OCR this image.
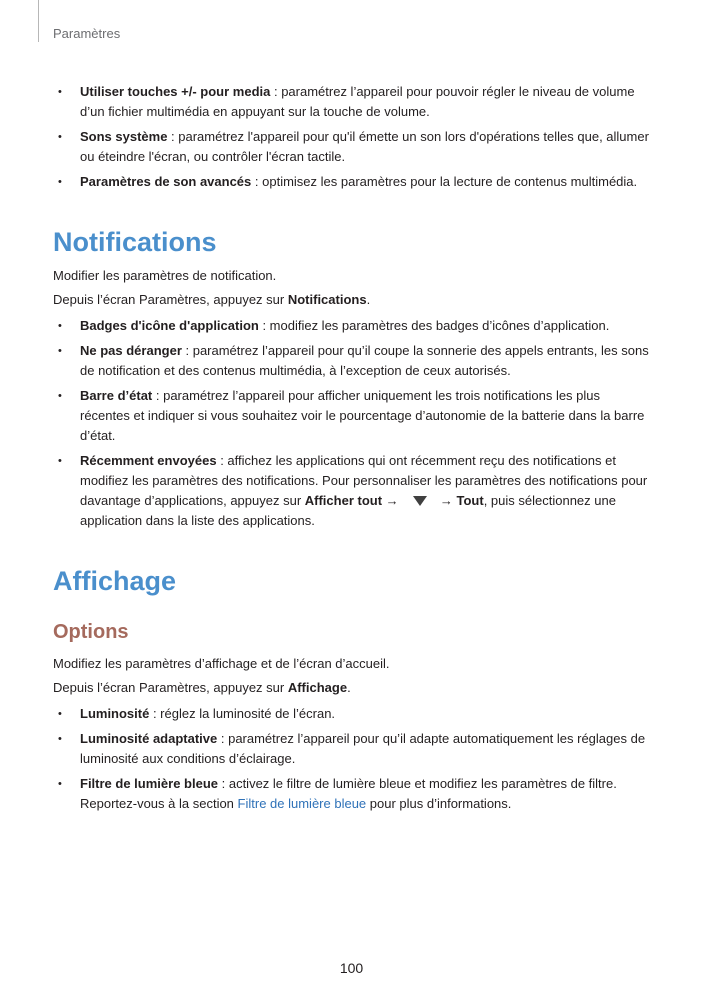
Paramètres
• Utiliser touches +/- pour media : paramétrez l’appareil pour pouvoir régler le niveau de volume d’un fichier multimédia en appuyant sur la touche de volume.
• Sons système : paramétrez l'appareil pour qu'il émette un son lors d'opérations telles que, allumer ou éteindre l'écran, ou contrôler l'écran tactile.
• Paramètres de son avancés : optimisez les paramètres pour la lecture de contenus multimédia.
Notifications

Modifier les paramètres de notification.

Depuis l’écran Paramètres, appuyez sur Notifications.

• Badges d'icône d'application : modifiez les paramètres des badges d’icônes d’application.
• Ne pas déranger : paramétrez l’appareil pour qu’il coupe la sonnerie des appels entrants, les sons de notification et des contenus multimédia, à l’exception de ceux autorisés.
• Barre d’état : paramétrez l’appareil pour afficher uniquement les trois notifications les plus récentes et indiquer si vous souhaitez voir le pourcentage d’autonomie de la batterie dans la barre d’état.
• Récemment envoyées : affichez les applications qui ont récemment reçu des notifications et modifiez les paramètres des notifications. Pour personnaliser les paramètres des notifications pour davantage d’applications, appuyez sur Afficher tout →	→ Tout, puis sélectionnez une application dans la liste des applications.
Affichage
Options

Modifiez les paramètres d’affichage et de l’écran d’accueil.

Depuis l’écran Paramètres, appuyez sur Affichage.

• Luminosité : réglez la luminosité de l’écran.
• Luminosité adaptative : paramétrez l’appareil pour qu’il adapte automatiquement les réglages de luminosité aux conditions d’éclairage.
• Filtre de lumière bleue : activez le filtre de lumière bleue et modifiez les paramètres de filtre. Reportez-vous à la section Filtre de lumière bleue pour plus d’informations.
100
